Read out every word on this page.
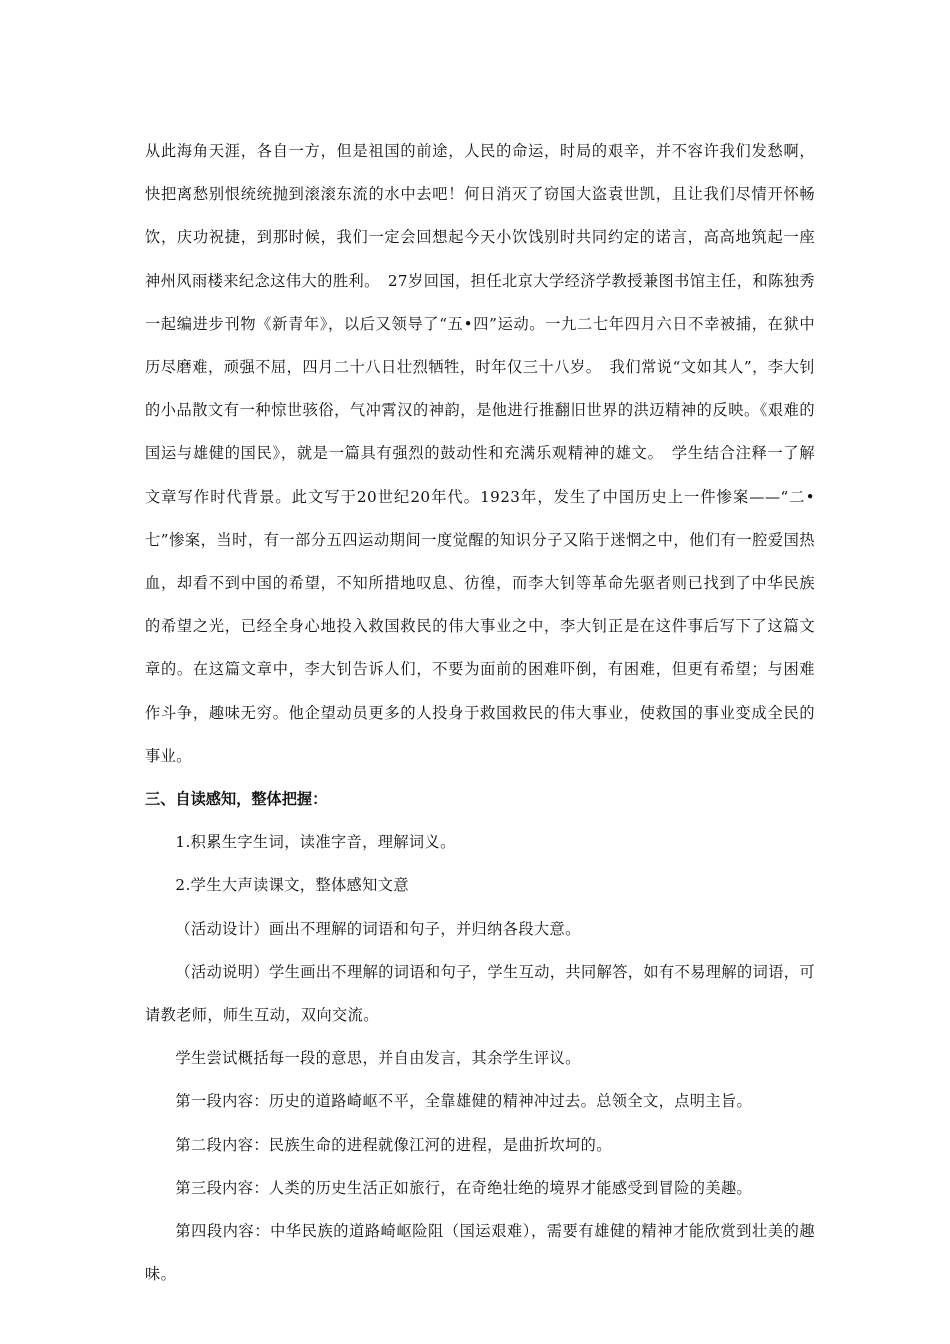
从此海角天涯，各自一方，但是祖国的前途，人民的命运，时局的艰辛，并不容许我们发愁啊，快把离愁别恨统统抛到滚滚东流的水中去吧！何日消灭了窃国大盗袁世凯，且让我们尽情开怀畅饮，庆功祝捷，到那时候，我们一定会回想起今天小饮饯别时共同约定的诺言，高高地筑起一座神州风雨楼来纪念这伟大的胜利。　27岁回国，担任北京大学经济学教授兼图书馆主任，和陈独秀一起编进步刊物《新青年》，以后又领导了“五•四”运动。一九二七年四月六日不幸被捕，在狱中历尽磨难，顽强不屈，四月二十八日壮烈牺牲，时年仅三十八岁。　我们常说“文如其人”，李大钊的小品散文有一种惊世骇俗，气冲霄汉的神韵，是他进行推翻旧世界的洪迈精神的反映。《艰难的国运与雄健的国民》，就是一篇具有强烈的鼓动性和充满乐观精神的雄文。　学生结合注释一了解文章写作时代背景。此文写于20世纪20年代。1923年，发生了中国历史上一件惨案——“二•七”惨案，当时，有一部分五四运动期间一度觉醒的知识分子又陷于迷惘之中，他们有一腔爱国热血，却看不到中国的希望，不知所措地叹息、彷徨，而李大钊等革命先驱者则已找到了中华民族的希望之光，已经全身心地投入救国救民的伟大事业之中，李大钊正是在这件事后写下了这篇文章的。在这篇文章中，李大钊告诉人们，不要为面前的困难吓倒，有困难，但更有希望；与困难作斗争，趣味无穷。他企望动员更多的人投身于救国救民的伟大事业，使救国的事业变成全民的事业。

三、自读感知，整体把握：

1.积累生字生词，读准字音，理解词义。

2.学生大声读课文，整体感知文意

（活动设计）画出不理解的词语和句子，并归纳各段大意。

（活动说明）学生画出不理解的词语和句子，学生互动，共同解答，如有不易理解的词语，可请教老师，师生互动，双向交流。

学生尝试概括每一段的意思，并自由发言，其余学生评议。

第一段内容：历史的道路崎岖不平，全靠雄健的精神冲过去。总领全文，点明主旨。

第二段内容：民族生命的进程就像江河的进程，是曲折坎坷的。

第三段内容：人类的历史生活正如旅行，在奇绝壮绝的境界才能感受到冒险的美趣。

第四段内容：中华民族的道路崎岖险阻（国运艰难），需要有雄健的精神才能欣赏到壮美的趣味。
